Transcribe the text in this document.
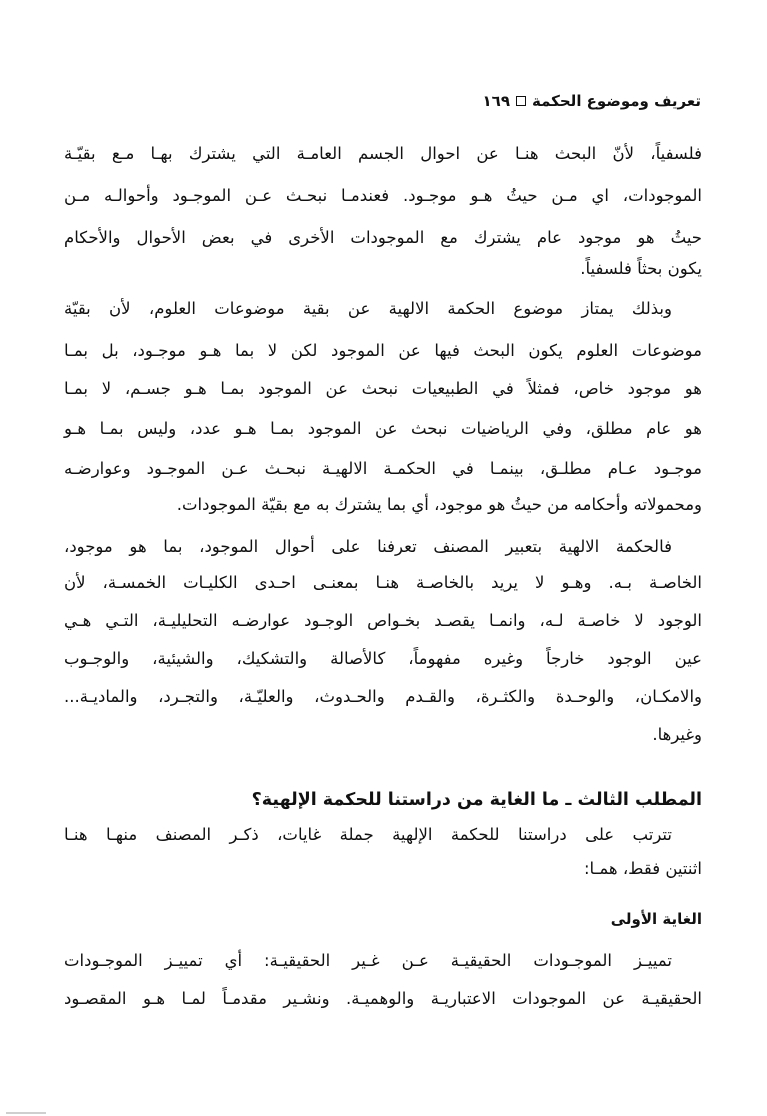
تعريف وموضوع الحكمة
١٦٩
فلسفياً، لأنّ البحث هنـا عن احوال الجسم العامـة التي يشترك بهـا مـع بقيّـة
الموجودات، اي مـن حيثُ هـو موجـود. فعندمـا نبحـث عـن الموجـود وأحوالـه مـن
حيثُ هو موجود عام يشترك مع الموجودات الأخرى في بعض الأحوال والأحكام
يكون بحثاً فلسفياً.
وبذلك يمتاز موضوع الحكمة الالهية عن بقية موضوعات العلوم، لأن بقيّة
موضوعات العلوم يكون البحث فيها عن الموجود لكن لا بما هـو موجـود، بل بمـا
هو موجود خاص، فمثلاً في الطبيعيات نبحث عن الموجود بمـا هـو جسـم، لا بمـا
هو عام مطلق، وفي الرياضيات نبحث عن الموجود بمـا هـو عدد، وليس بمـا هـو
موجـود عـام مطلـق، بينمـا في الحكمـة الالهيـة نبحـث عـن الموجـود وعوارضـه
ومحمولاته وأحكامه من حيثُ هو موجود، أي بما يشترك به مع بقيّة الموجودات.
فالحكمة الالهية بتعبير المصنف تعرفنا على أحوال الموجود، بما هو موجود،
الخاصـة بـه. وهـو لا يريد بالخاصـة هنـا بمعنـى احـدى الكليـات الخمسـة، لأن
الوجود لا خاصـة لـه، وانمـا يقصـد بخـواص الوجـود عوارضـه التحليليـة، التـي هـي
عين الوجود خارجاً وغيره مفهوماً، كالأصالة والتشكيك، والشيئية، والوجـوب
والامكـان، والوحـدة والكثـرة، والقـدم والحـدوث، والعليّـة، والتجـرد، والماديـة...
وغيرها.
المطلب الثالث ـ ما الغاية من دراستنا للحكمة الإلهية؟
تترتب على دراستنا للحكمة الإلهية جملة غايات، ذكـر المصنف منهـا هنـا
اثنتين فقط، همـا:
الغاية الأولى
تمييـز الموجـودات الحقيقيـة عـن غـير الحقيقيـة: أي تمييـز الموجـودات
الحقيقيـة عن الموجودات الاعتباريـة والوهميـة. ونشـير مقدمـاً لمـا هـو المقصـود
